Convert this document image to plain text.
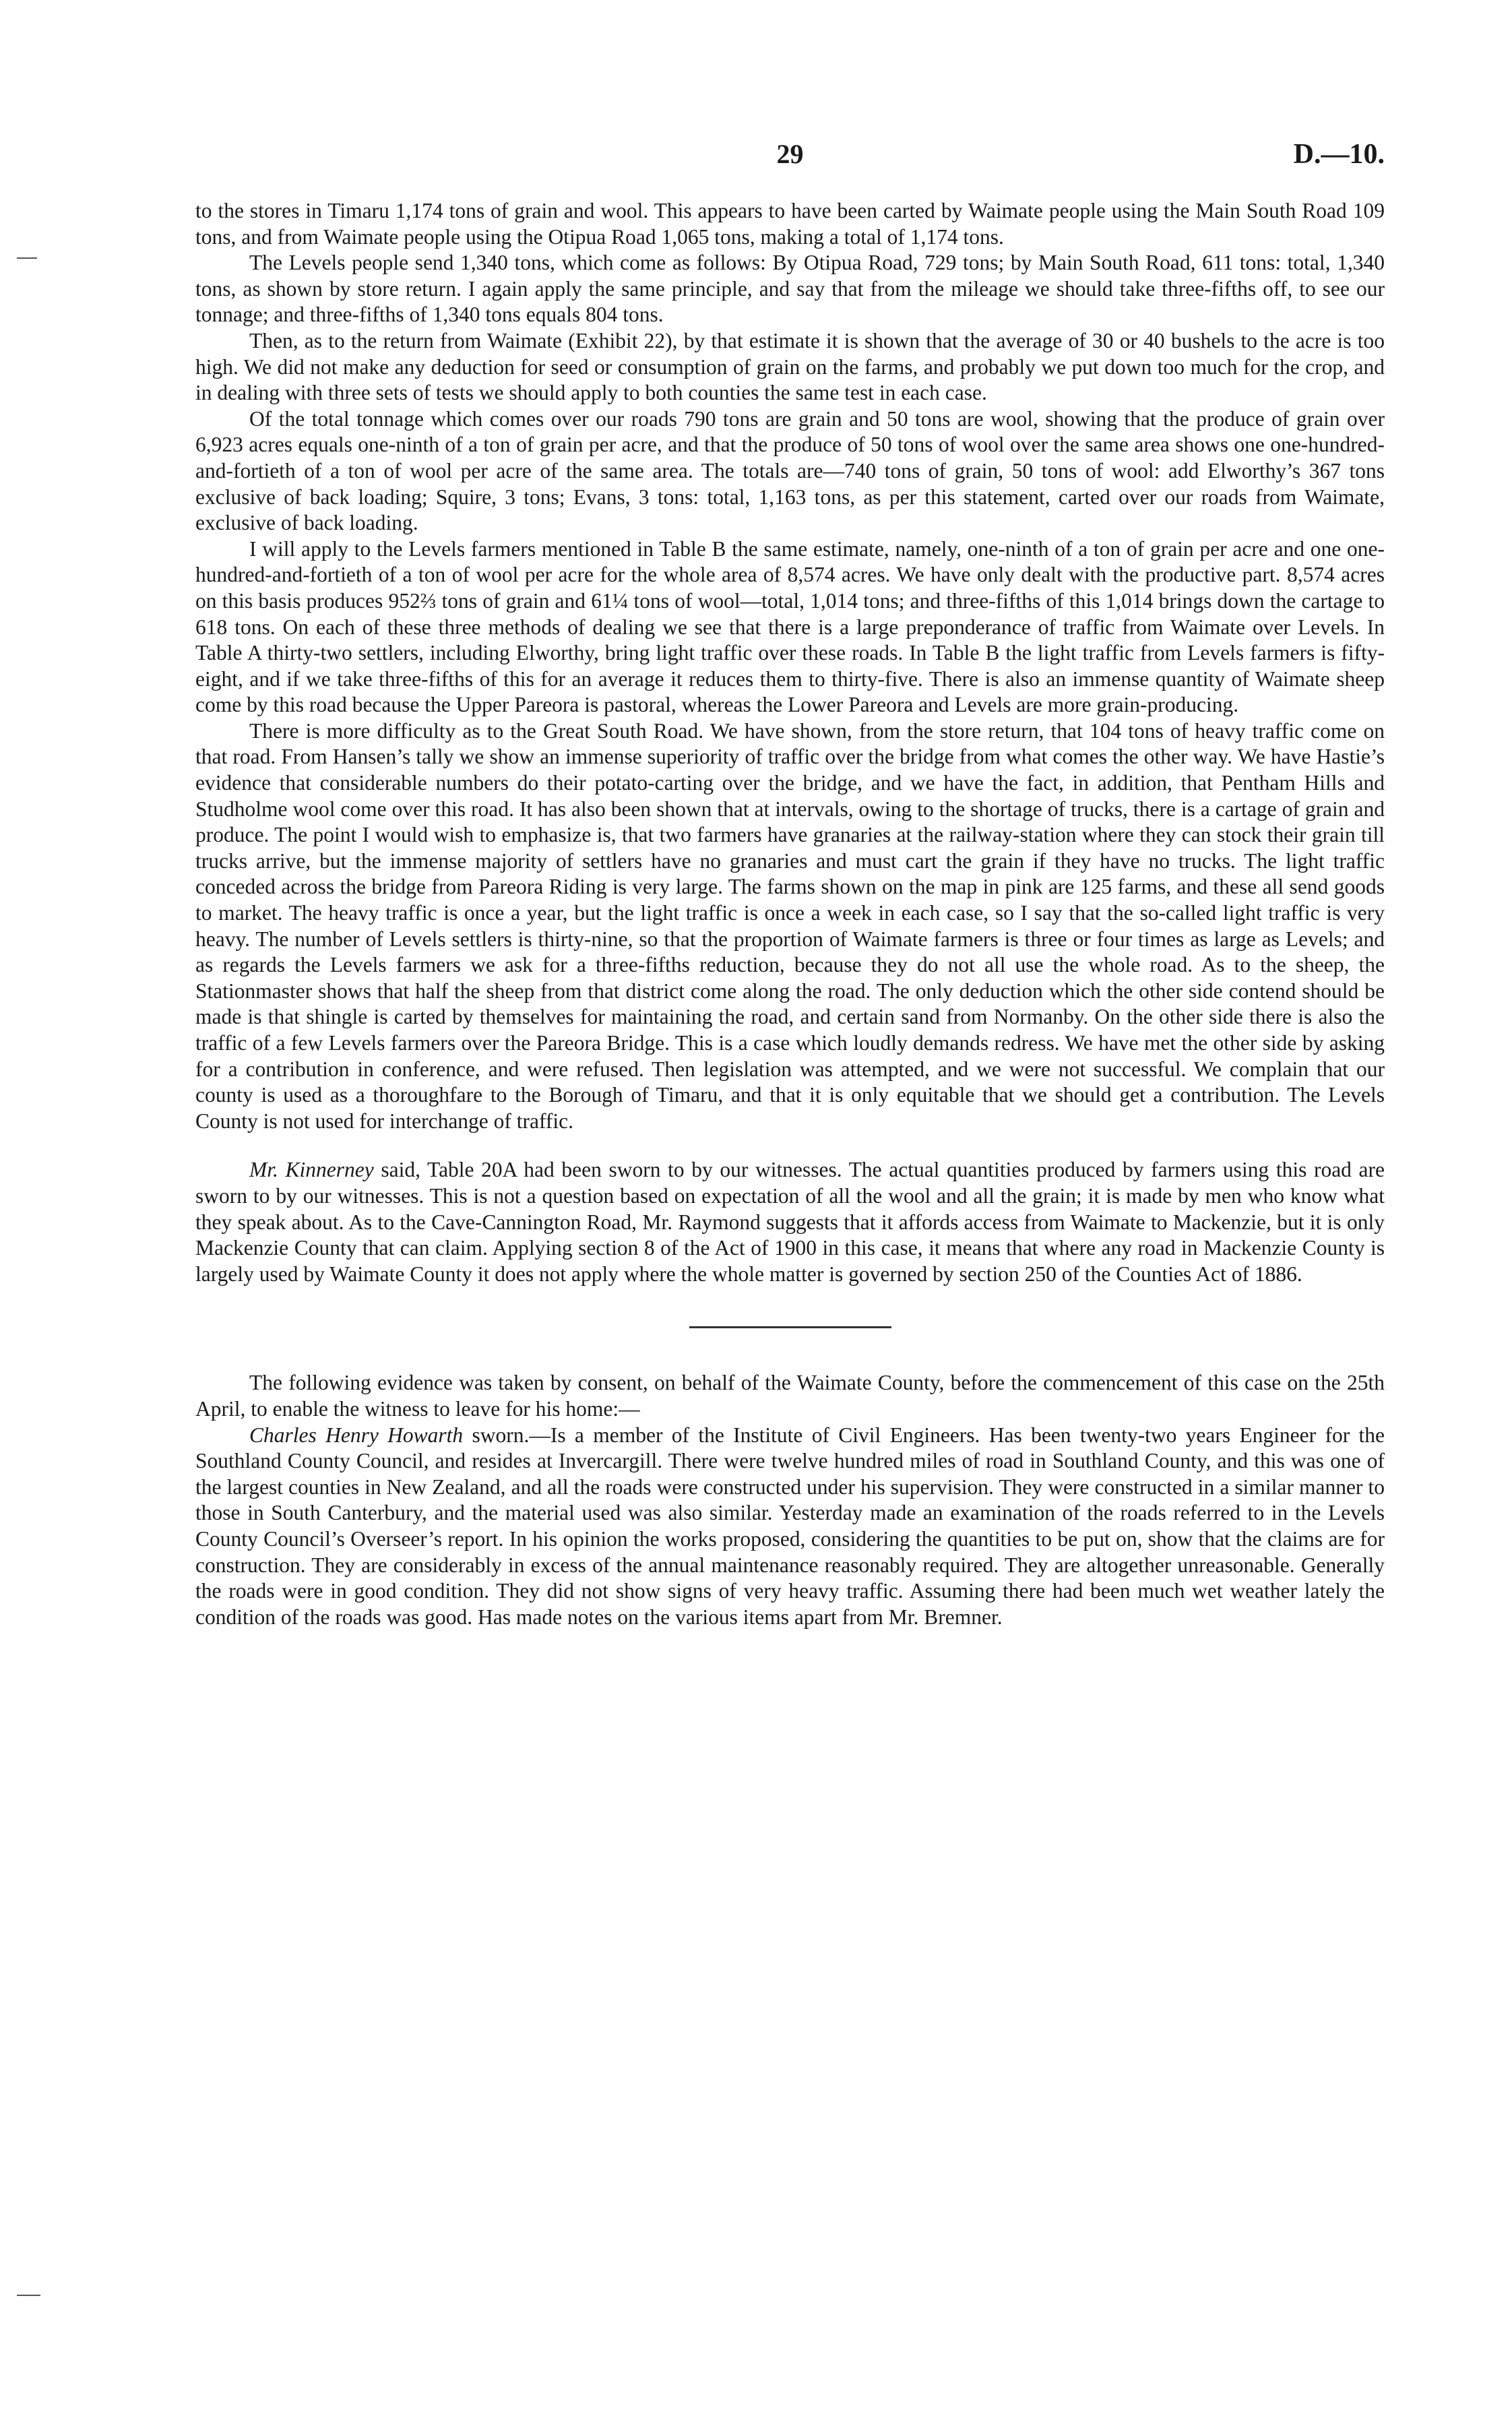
29	D.—10.

to the stores in Timaru 1,174 tons of grain and wool. This appears to have been carted by Waimate people using the Main South Road 109 tons, and from Waimate people using the Otipua Road 1,065 tons, making a total of 1,174 tons.

The Levels people send 1,340 tons, which come as follows: By Otipua Road, 729 tons; by Main South Road, 611 tons: total, 1,340 tons, as shown by store return. I again apply the same principle, and say that from the mileage we should take three-fifths off, to see our tonnage; and three-fifths of 1,340 tons equals 804 tons.

Then, as to the return from Waimate (Exhibit 22), by that estimate it is shown that the average of 30 or 40 bushels to the acre is too high. We did not make any deduction for seed or consumption of grain on the farms, and probably we put down too much for the crop, and in dealing with three sets of tests we should apply to both counties the same test in each case.

Of the total tonnage which comes over our roads 790 tons are grain and 50 tons are wool, showing that the produce of grain over 6,923 acres equals one-ninth of a ton of grain per acre, and that the produce of 50 tons of wool over the same area shows one one-hundred-and-fortieth of a ton of wool per acre of the same area. The totals are—740 tons of grain, 50 tons of wool: add Elworthy’s 367 tons exclusive of back loading; Squire, 3 tons; Evans, 3 tons: total, 1,163 tons, as per this statement, carted over our roads from Waimate, exclusive of back loading.

I will apply to the Levels farmers mentioned in Table B the same estimate, namely, one-ninth of a ton of grain per acre and one one-hundred-and-fortieth of a ton of wool per acre for the whole area of 8,574 acres. We have only dealt with the productive part. 8,574 acres on this basis produces 952⅔ tons of grain and 61¼ tons of wool—total, 1,014 tons; and three-fifths of this 1,014 brings down the cartage to 618 tons. On each of these three methods of dealing we see that there is a large preponderance of traffic from Waimate over Levels. In Table A thirty-two settlers, including Elworthy, bring light traffic over these roads. In Table B the light traffic from Levels farmers is fifty-eight, and if we take three-fifths of this for an average it reduces them to thirty-five. There is also an immense quantity of Waimate sheep come by this road because the Upper Pareora is pastoral, whereas the Lower Pareora and Levels are more grain-producing.

There is more difficulty as to the Great South Road. We have shown, from the store return, that 104 tons of heavy traffic come on that road. From Hansen’s tally we show an immense superiority of traffic over the bridge from what comes the other way. We have Hastie’s evidence that considerable numbers do their potato-carting over the bridge, and we have the fact, in addition, that Pentham Hills and Studholme wool come over this road. It has also been shown that at intervals, owing to the shortage of trucks, there is a cartage of grain and produce. The point I would wish to emphasize is, that two farmers have granaries at the railway-station where they can stock their grain till trucks arrive, but the immense majority of settlers have no granaries and must cart the grain if they have no trucks. The light traffic conceded across the bridge from Pareora Riding is very large. The farms shown on the map in pink are 125 farms, and these all send goods to market. The heavy traffic is once a year, but the light traffic is once a week in each case, so I say that the so-called light traffic is very heavy. The number of Levels settlers is thirty-nine, so that the proportion of Waimate farmers is three or four times as large as Levels; and as regards the Levels farmers we ask for a three-fifths reduction, because they do not all use the whole road. As to the sheep, the Stationmaster shows that half the sheep from that district come along the road. The only deduction which the other side contend should be made is that shingle is carted by themselves for maintaining the road, and certain sand from Normanby. On the other side there is also the traffic of a few Levels farmers over the Pareora Bridge. This is a case which loudly demands redress. We have met the other side by asking for a contribution in conference, and were refused. Then legislation was attempted, and we were not successful. We complain that our county is used as a thoroughfare to the Borough of Timaru, and that it is only equitable that we should get a contribution. The Levels County is not used for interchange of traffic.

Mr. Kinnerney said, Table 20A had been sworn to by our witnesses. The actual quantities produced by farmers using this road are sworn to by our witnesses. This is not a question based on expectation of all the wool and all the grain; it is made by men who know what they speak about. As to the Cave-Cannington Road, Mr. Raymond suggests that it affords access from Waimate to Mackenzie, but it is only Mackenzie County that can claim. Applying section 8 of the Act of 1900 in this case, it means that where any road in Mackenzie County is largely used by Waimate County it does not apply where the whole matter is governed by section 250 of the Counties Act of 1886.

The following evidence was taken by consent, on behalf of the Waimate County, before the commencement of this case on the 25th April, to enable the witness to leave for his home:—

Charles Henry Howarth sworn.—Is a member of the Institute of Civil Engineers. Has been twenty-two years Engineer for the Southland County Council, and resides at Invercargill. There were twelve hundred miles of road in Southland County, and this was one of the largest counties in New Zealand, and all the roads were constructed under his supervision. They were constructed in a similar manner to those in South Canterbury, and the material used was also similar. Yesterday made an examination of the roads referred to in the Levels County Council’s Overseer’s report. In his opinion the works proposed, considering the quantities to be put on, show that the claims are for construction. They are considerably in excess of the annual maintenance reasonably required. They are altogether unreasonable. Generally the roads were in good condition. They did not show signs of very heavy traffic. Assuming there had been much wet weather lately the condition of the roads was good. Has made notes on the various items apart from Mr. Bremner.
